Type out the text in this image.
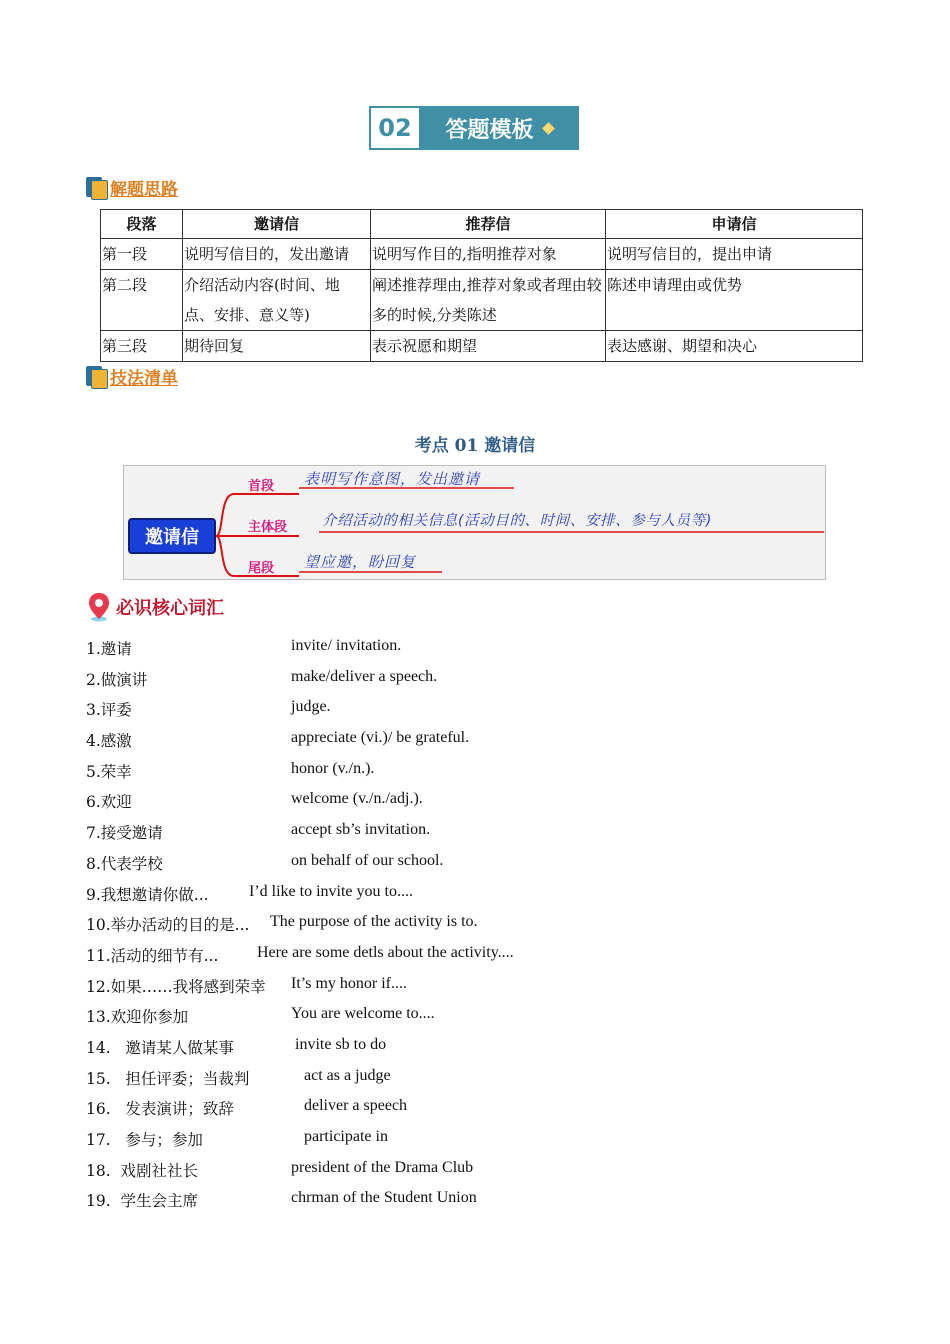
02	答题模板
解题思路
段落	邀请信	推荐信	申请信
第一段	说明写信目的，发出邀请	说明写作目的,指明推荐对象	说明写信目的，提出申请
第二段	介绍活动内容(时间、地点、安排、意义等)	阐述推荐理由,推荐对象或者理由较多的时候,分类陈述	陈述申请理由或优势
第三段	期待回复	表示祝愿和期望	表达感谢、期望和决心
技法清单
考点 01 邀请信
邀请信
首段 表明写作意图，发出邀请
主体段 介绍活动的相关信息(活动目的、时间、安排、参与人员等)
尾段 望应邀，盼回复
必识核心词汇
1.邀请	invite/ invitation.
2.做演讲	make/deliver a speech.
3.评委	judge.
4.感激	appreciate (vi.)/ be grateful.
5.荣幸	honor (v./n.).
6.欢迎	welcome (v./n./adj.).
7.接受邀请	accept sb’s invitation.
8.代表学校	on behalf of our school.
9.我想邀请你做...	I’d like to invite you to....
10.举办活动的目的是... The purpose of the activity is to.
11.活动的细节有... Here are some detls about the activity....
12.如果……我将感到荣幸 It’s my honor if....
13.欢迎你参加	You are welcome to....
14.   邀请某人做某事	invite sb to do
15.   担任评委；当裁判	act as a judge
16.   发表演讲；致辞	deliver a speech
17.   参与；参加	participate in
18.  戏剧社社长	president of the Drama Club
19.  学生会主席	chrman of the Student Union
